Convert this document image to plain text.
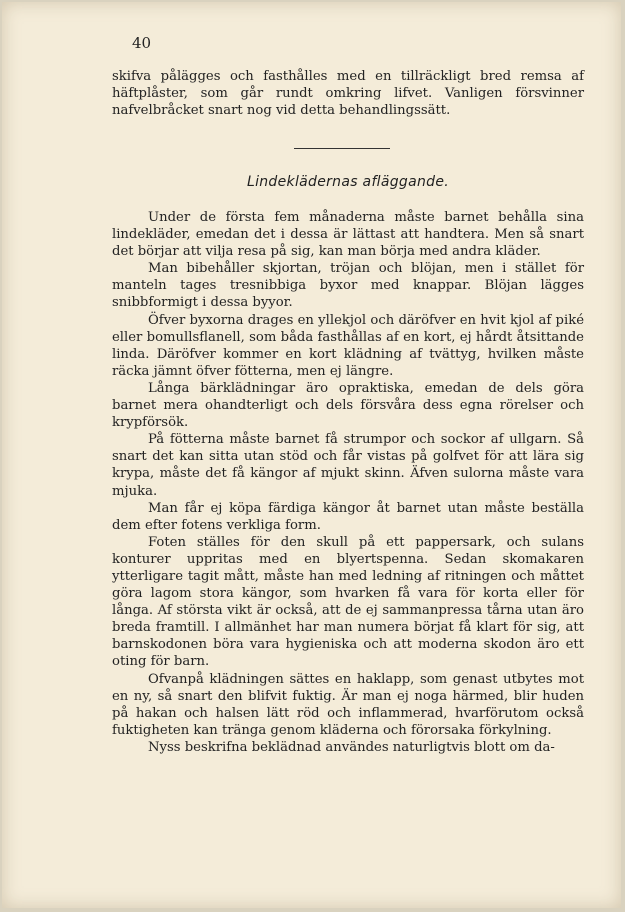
40

skifva pålägges och fasthålles med en tillräckligt bred remsa af häftplåster, som går rundt omkring lifvet. Vanligen försvinner nafvelbråcket snart nog vid detta behandlingssätt.

Lindeklädernas afläggande.

Under de första fem månaderna måste barnet behålla sina lindekläder, emedan det i dessa är lättast att handtera. Men så snart det börjar att vilja resa på sig, kan man börja med andra kläder.

Man bibehåller skjortan, tröjan och blöjan, men i stället för manteln tages tresnibbiga byxor med knappar. Blöjan lägges snibbformigt i dessa byyor.

Öfver byxorna drages en yllekjol och däröfver en hvit kjol af piké eller bomullsflanell, som båda fasthållas af en kort, ej hårdt åtsittande linda. Däröfver kommer en kort klädning af tvättyg, hvilken måste räcka jämnt öfver fötterna, men ej längre.

Långa bärklädningar äro opraktiska, emedan de dels göra barnet mera ohandterligt och dels försvåra dess egna rörelser och krypförsök.

På fötterna måste barnet få strumpor och sockor af ullgarn. Så snart det kan sitta utan stöd och får vistas på golfvet för att lära sig krypa, måste det få kängor af mjukt skinn. Äfven sulorna måste vara mjuka.

Man får ej köpa färdiga kängor åt barnet utan måste beställa dem efter fotens verkliga form.

Foten ställes för den skull på ett pappersark, och sulans konturer uppritas med en blyertspenna. Sedan skomakaren ytterligare tagit mått, måste han med ledning af ritningen och måttet göra lagom stora kängor, som hvarken få vara för korta eller för långa. Af största vikt är också, att de ej sammanpressa tårna utan äro breda framtill. I allmänhet har man numera börjat få klart för sig, att barnskodonen böra vara hygieniska och att moderna skodon äro ett oting för barn.

Ofvanpå klädningen sättes en haklapp, som genast utbytes mot en ny, så snart den blifvit fuktig. Är man ej noga härmed, blir huden på hakan och halsen lätt röd och inflammerad, hvarförutom också fuktigheten kan tränga genom kläderna och förorsaka förkylning.

Nyss beskrifna beklädnad användes naturligtvis blott om da-
